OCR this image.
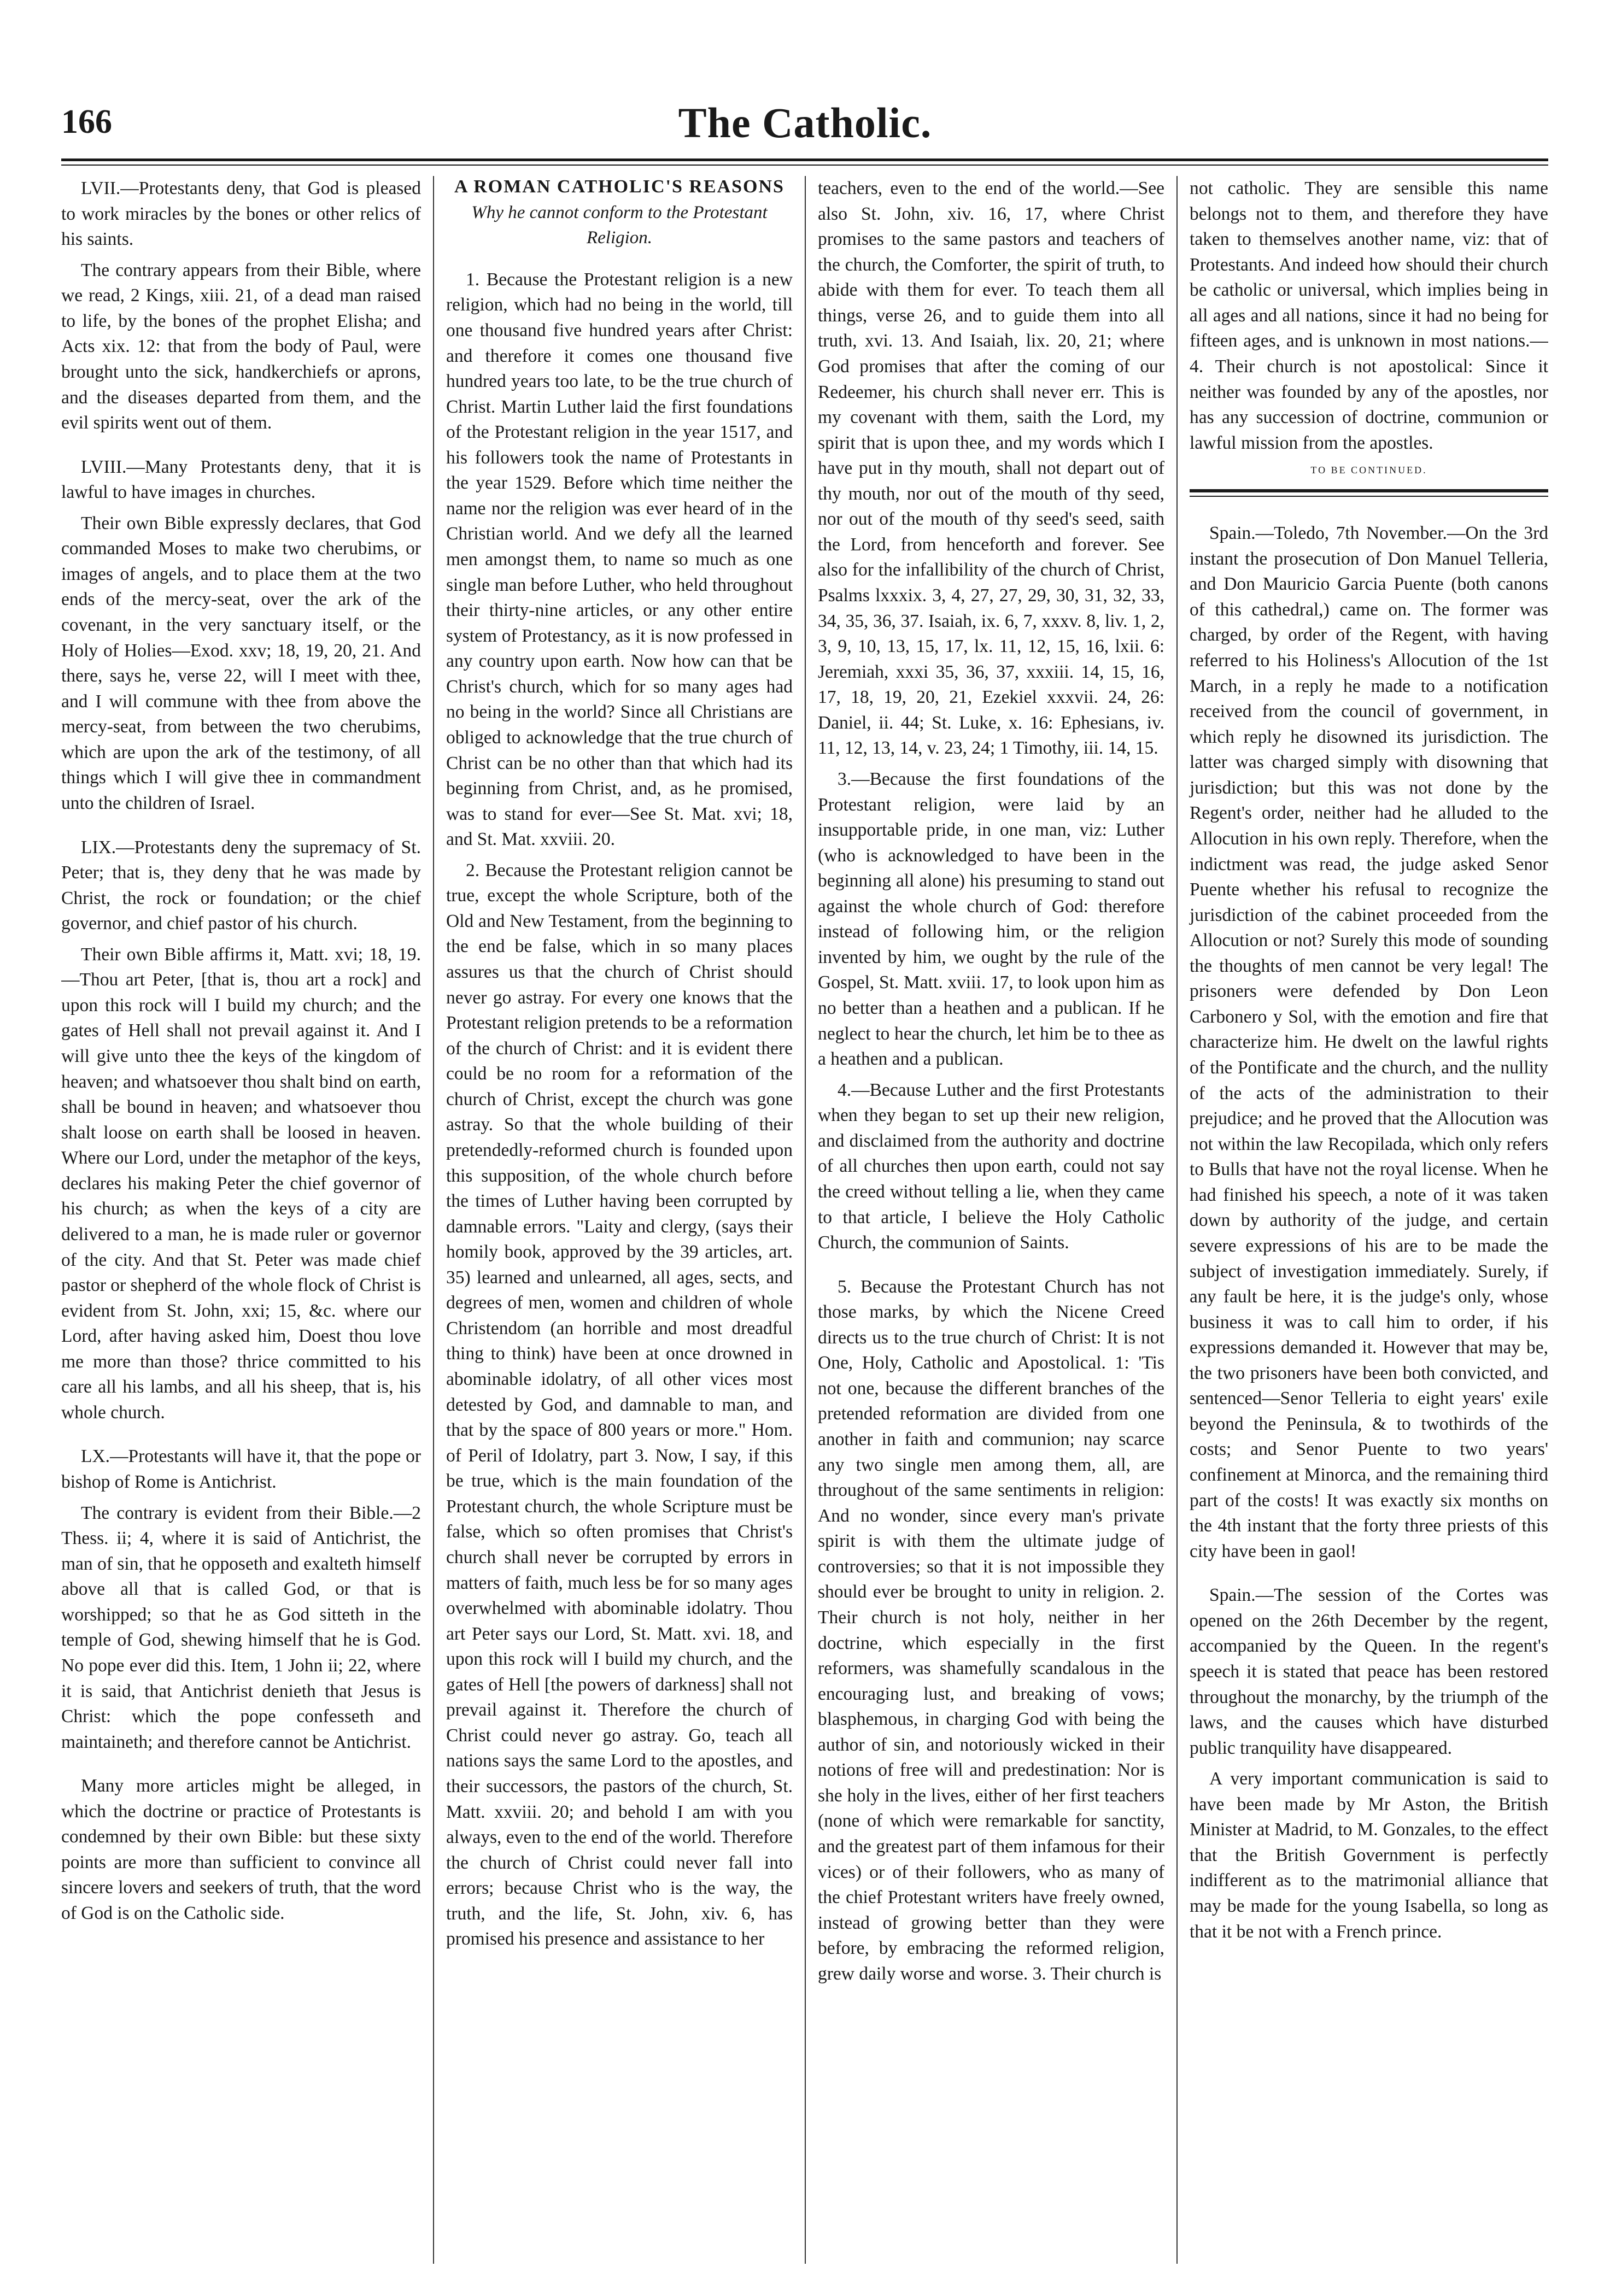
166	The Catholic.

LVII.—Protestants deny, that God is pleased to work miracles by the bones or other relics of his saints.

The contrary appears from their Bible, where we read, 2 Kings, xiii. 21, of a dead man raised to life, by the bones of the prophet Elisha; and Acts xix. 12: that from the body of Paul, were brought unto the sick, handkerchiefs or aprons, and the diseases departed from them, and the evil spirits went out of them.

LVIII.—Many Protestants deny, that it is lawful to have images in churches.

Their own Bible expressly declares, that God commanded Moses to make two cherubims, or images of angels, and to place them at the two ends of the mercy-seat, over the ark of the covenant, in the very sanctuary itself, or the Holy of Holies—Exod. xxv; 18, 19, 20, 21. And there, says he, verse 22, will I meet with thee, and I will commune with thee from above the mercy-seat, from between the two cherubims, which are upon the ark of the testimony, of all things which I will give thee in commandment unto the children of Israel.

LIX.—Protestants deny the supremacy of St. Peter; that is, they deny that he was made by Christ, the rock or foundation; or the chief governor, and chief pastor of his church.

Their own Bible affirms it, Matt. xvi; 18, 19.—Thou art Peter, [that is, thou art a rock] and upon this rock will I build my church; and the gates of Hell shall not prevail against it. And I will give unto thee the keys of the kingdom of heaven; and whatsoever thou shalt bind on earth, shall be bound in heaven; and whatsoever thou shalt loose on earth shall be loosed in heaven. Where our Lord, under the metaphor of the keys, declares his making Peter the chief governor of his church; as when the keys of a city are delivered to a man, he is made ruler or governor of the city. And that St. Peter was made chief pastor or shepherd of the whole flock of Christ is evident from St. John, xxi; 15, &c. where our Lord, after having asked him, Doest thou love me more than those? thrice committed to his care all his lambs, and all his sheep, that is, his whole church.

LX.—Protestants will have it, that the pope or bishop of Rome is Antichrist.

The contrary is evident from their Bible.—2 Thess. ii; 4, where it is said of Antichrist, the man of sin, that he opposeth and exalteth himself above all that is called God, or that is worshipped; so that he as God sitteth in the temple of God, shewing himself that he is God. No pope ever did this. Item, 1 John ii; 22, where it is said, that Antichrist denieth that Jesus is Christ: which the pope confesseth and maintaineth; and therefore cannot be Antichrist.

Many more articles might be alleged, in which the doctrine or practice of Protestants is condemned by their own Bible: but these sixty points are more than sufficient to convince all sincere lovers and seekers of truth, that the word of God is on the Catholic side.

A ROMAN CATHOLIC'S REASONS
Why he cannot conform to the Protestant Religion.

1. Because the Protestant religion is a new religion, which had no being in the world, till one thousand five hundred years after Christ: and therefore it comes one thousand five hundred years too late, to be the true church of Christ. Martin Luther laid the first foundations of the Protestant religion in the year 1517, and his followers took the name of Protestants in the year 1529. Before which time neither the name nor the religion was ever heard of in the Christian world. And we defy all the learned men amongst them, to name so much as one single man before Luther, who held throughout their thirty-nine articles, or any other entire system of Protestancy, as it is now professed in any country upon earth. Now how can that be Christ's church, which for so many ages had no being in the world? Since all Christians are obliged to acknowledge that the true church of Christ can be no other than that which had its beginning from Christ, and, as he promised, was to stand for ever—See St. Mat. xvi; 18, and St. Mat. xxviii. 20.

2. Because the Protestant religion cannot be true, except the whole Scripture, both of the Old and New Testament, from the beginning to the end be false, which in so many places assures us that the church of Christ should never go astray. For every one knows that the Protestant religion pretends to be a reformation of the church of Christ: and it is evident there could be no room for a reformation of the church of Christ, except the church was gone astray. So that the whole building of their pretendedly-reformed church is founded upon this supposition, of the whole church before the times of Luther having been corrupted by damnable errors. "Laity and clergy, (says their homily book, approved by the 39 articles, art. 35) learned and unlearned, all ages, sects, and degrees of men, women and children of whole Christendom (an horrible and most dreadful thing to think) have been at once drowned in abominable idolatry, of all other vices most detested by God, and damnable to man, and that by the space of 800 years or more." Hom. of Peril of Idolatry, part 3. Now, I say, if this be true, which is the main foundation of the Protestant church, the whole Scripture must be false, which so often promises that Christ's church shall never be corrupted by errors in matters of faith, much less be for so many ages overwhelmed with abominable idolatry. Thou art Peter says our Lord, St. Matt. xvi. 18, and upon this rock will I build my church, and the gates of Hell [the powers of darkness] shall not prevail against it. Therefore the church of Christ could never go astray. Go, teach all nations says the same Lord to the apostles, and their successors, the pastors of the church, St. Matt. xxviii. 20; and behold I am with you always, even to the end of the world. Therefore the church of Christ could never fall into errors; because Christ who is the way, the truth, and the life, St. John, xiv. 6, has promised his presence and assistance to her

teachers, even to the end of the world.—See also St. John, xiv. 16, 17, where Christ promises to the same pastors and teachers of the church, the Comforter, the spirit of truth, to abide with them for ever. To teach them all things, verse 26, and to guide them into all truth, xvi. 13. And Isaiah, lix. 20, 21; where God promises that after the coming of our Redeemer, his church shall never err. This is my covenant with them, saith the Lord, my spirit that is upon thee, and my words which I have put in thy mouth, shall not depart out of thy mouth, nor out of the mouth of thy seed, nor out of the mouth of thy seed's seed, saith the Lord, from henceforth and forever. See also for the infallibility of the church of Christ, Psalms lxxxix. 3, 4, 27, 27, 29, 30, 31, 32, 33, 34, 35, 36, 37. Isaiah, ix. 6, 7, xxxv. 8, liv. 1, 2, 3, 9, 10, 13, 15, 17, lx. 11, 12, 15, 16, lxii. 6: Jeremiah, xxxi 35, 36, 37, xxxiii. 14, 15, 16, 17, 18, 19, 20, 21, Ezekiel xxxvii. 24, 26: Daniel, ii. 44; St. Luke, x. 16: Ephesians, iv. 11, 12, 13, 14, v. 23, 24; 1 Timothy, iii. 14, 15.

3.—Because the first foundations of the Protestant religion, were laid by an insupportable pride, in one man, viz: Luther (who is acknowledged to have been in the beginning all alone) his presuming to stand out against the whole church of God: therefore instead of following him, or the religion invented by him, we ought by the rule of the Gospel, St. Matt. xviii. 17, to look upon him as no better than a heathen and a publican. If he neglect to hear the church, let him be to thee as a heathen and a publican.

4.—Because Luther and the first Protestants when they began to set up their new religion, and disclaimed from the authority and doctrine of all churches then upon earth, could not say the creed without telling a lie, when they came to that article, I believe the Holy Catholic Church, the communion of Saints.

5. Because the Protestant Church has not those marks, by which the Nicene Creed directs us to the true church of Christ: It is not One, Holy, Catholic and Apostolical. 1: 'Tis not one, because the different branches of the pretended reformation are divided from one another in faith and communion; nay scarce any two single men among them, all, are throughout of the same sentiments in religion: And no wonder, since every man's private spirit is with them the ultimate judge of controversies; so that it is not impossible they should ever be brought to unity in religion. 2. Their church is not holy, neither in her doctrine, which especially in the first reformers, was shamefully scandalous in the encouraging lust, and breaking of vows; blasphemous, in charging God with being the author of sin, and notoriously wicked in their notions of free will and predestination: Nor is she holy in the lives, either of her first teachers (none of which were remarkable for sanctity, and the greatest part of them infamous for their vices) or of their followers, who as many of the chief Protestant writers have freely owned, instead of growing better than they were before, by embracing the reformed religion, grew daily worse and worse. 3. Their church is

not catholic. They are sensible this name belongs not to them, and therefore they have taken to themselves another name, viz: that of Protestants. And indeed how should their church be catholic or universal, which implies being in all ages and all nations, since it had no being for fifteen ages, and is unknown in most nations.—4. Their church is not apostolical: Since it neither was founded by any of the apostles, nor has any succession of doctrine, communion or lawful mission from the apostles.

TO BE CONTINUED.

Spain.—Toledo, 7th November.—On the 3rd instant the prosecution of Don Manuel Telleria, and Don Mauricio Garcia Puente (both canons of this cathedral,) came on. The former was charged, by order of the Regent, with having referred to his Holiness's Allocution of the 1st March, in a reply he made to a notification received from the council of government, in which reply he disowned its jurisdiction. The latter was charged simply with disowning that jurisdiction; but this was not done by the Regent's order, neither had he alluded to the Allocution in his own reply. Therefore, when the indictment was read, the judge asked Senor Puente whether his refusal to recognize the jurisdiction of the cabinet proceeded from the Allocution or not? Surely this mode of sounding the thoughts of men cannot be very legal! The prisoners were defended by Don Leon Carbonero y Sol, with the emotion and fire that characterize him. He dwelt on the lawful rights of the Pontificate and the church, and the nullity of the acts of the administration to their prejudice; and he proved that the Allocution was not within the law Recopilada, which only refers to Bulls that have not the royal license. When he had finished his speech, a note of it was taken down by authority of the judge, and certain severe expressions of his are to be made the subject of investigation immediately. Surely, if any fault be here, it is the judge's only, whose business it was to call him to order, if his expressions demanded it. However that may be, the two prisoners have been both convicted, and sentenced—Senor Telleria to eight years' exile beyond the Peninsula, & to twothirds of the costs; and Senor Puente to two years' confinement at Minorca, and the remaining third part of the costs! It was exactly six months on the 4th instant that the forty three priests of this city have been in gaol!

Spain.—The session of the Cortes was opened on the 26th December by the regent, accompanied by the Queen. In the regent's speech it is stated that peace has been restored throughout the monarchy, by the triumph of the laws, and the causes which have disturbed public tranquility have disappeared.

A very important communication is said to have been made by Mr Aston, the British Minister at Madrid, to M. Gonzales, to the effect that the British Government is perfectly indifferent as to the matrimonial alliance that may be made for the young Isabella, so long as that it be not with a French prince.
